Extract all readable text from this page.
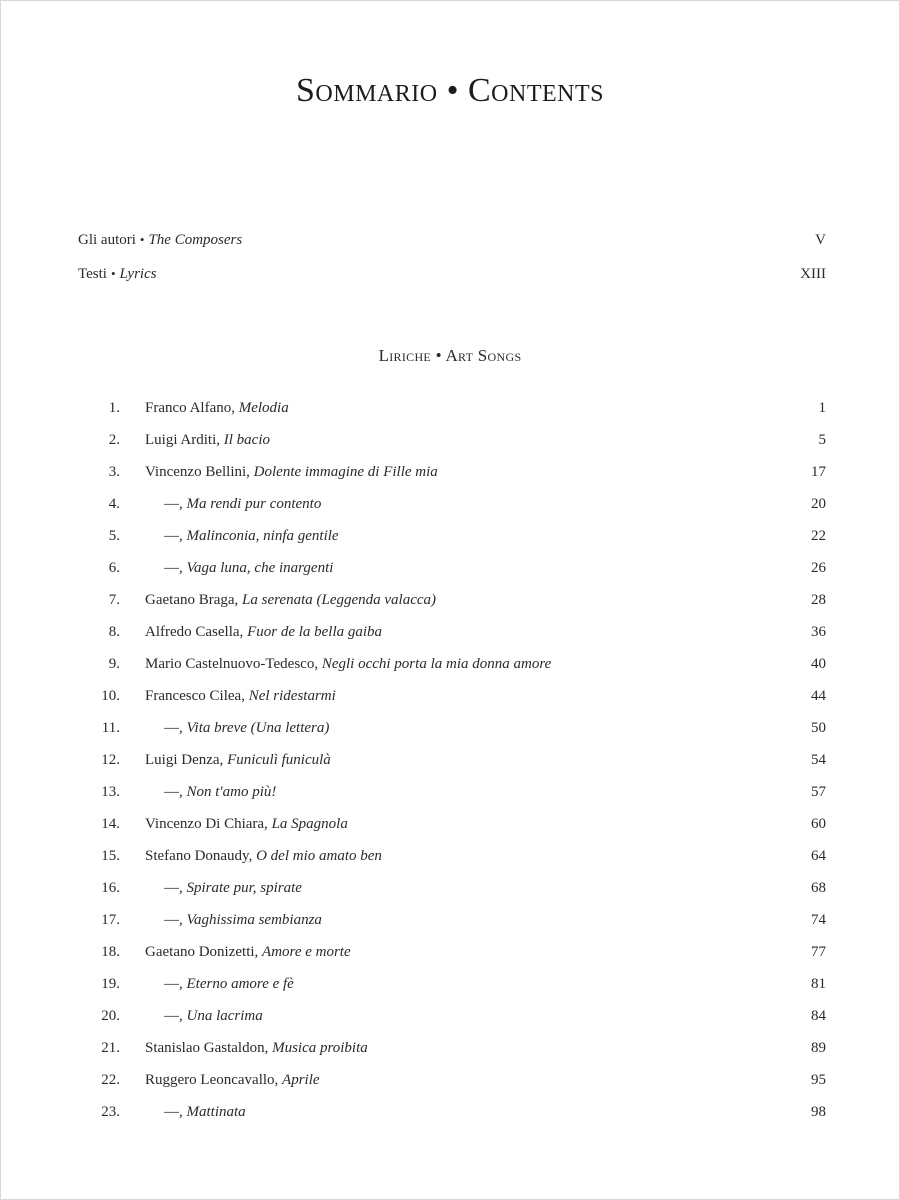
Sommario • Contents
Gli autori • The Composers	V
Testi • Lyrics	XIII
Liriche • Art Songs
1. Franco Alfano, Melodia	1
2. Luigi Arditi, Il bacio	5
3. Vincenzo Bellini, Dolente immagine di Fille mia	17
4.	—, Ma rendi pur contento	20
5.	—, Malinconia, ninfa gentile	22
6.	—, Vaga luna, che inargenti	26
7. Gaetano Braga, La serenata (Leggenda valacca)	28
8. Alfredo Casella, Fuor de la bella gaiba	36
9. Mario Castelnuovo-Tedesco, Negli occhi porta la mia donna amore	40
10. Francesco Cilea, Nel ridestarmi	44
11.	—, Vita breve (Una lettera)	50
12. Luigi Denza, Funiculì funiculà	54
13.	—, Non t'amo più!	57
14. Vincenzo Di Chiara, La Spagnola	60
15. Stefano Donaudy, O del mio amato ben	64
16.	—, Spirate pur, spirate	68
17.	—, Vaghissima sembianza	74
18. Gaetano Donizetti, Amore e morte	77
19.	—, Eterno amore e fè	81
20.	—, Una lacrima	84
21. Stanislao Gastaldon, Musica proibita	89
22. Ruggero Leoncavallo, Aprile	95
23.	—, Mattinata	98
